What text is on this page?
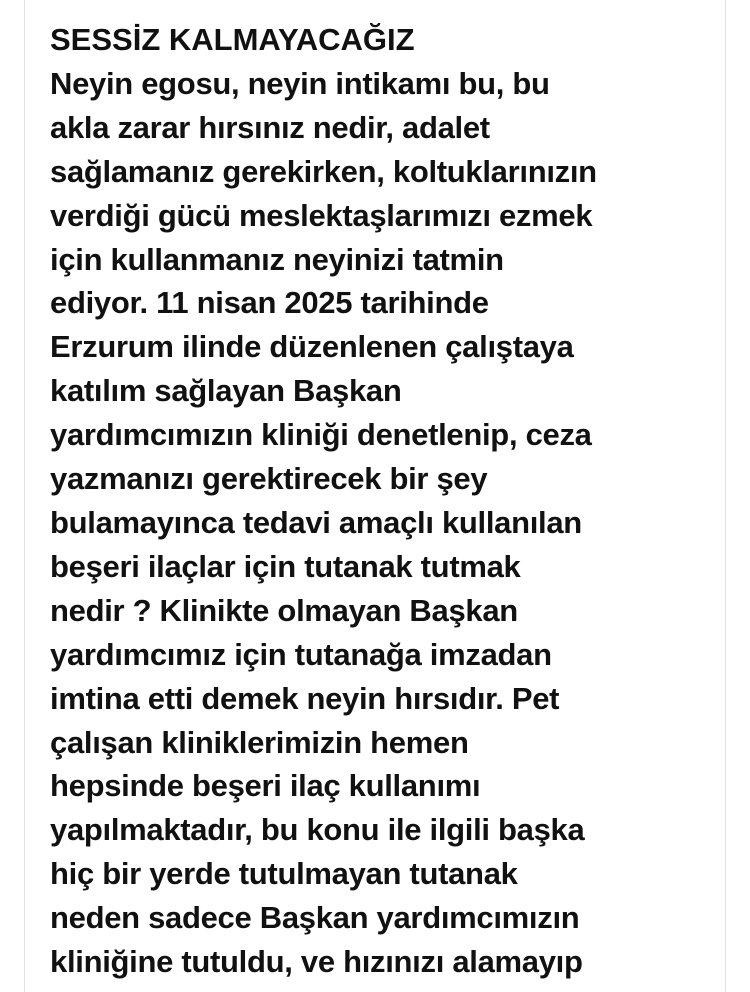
SESSİZ KALMAYACAĞIZ
Neyin egosu, neyin intikamı bu, bu
akla zarar hırsınız nedir, adalet
sağlamanız gerekirken, koltuklarınızın
verdiği gücü meslektaşlarımızı ezmek
için kullanmanız neyinizi tatmin
ediyor. 11 nisan 2025 tarihinde
Erzurum ilinde düzenlenen çalıştaya
katılım sağlayan Başkan
yardımcımızın kliniği denetlenip, ceza
yazmanızı gerektirecek bir şey
bulamayınca tedavi amaçlı kullanılan
beşeri ilaçlar için tutanak tutmak
nedir ? Klinikte olmayan Başkan
yardımcımız için tutanağa imzadan
imtina etti demek neyin hırsıdır. Pet
çalışan kliniklerimizin hemen
hepsinde beşeri ilaç kullanımı
yapılmaktadır, bu konu ile ilgili başka
hiç bir yerde tutulmayan tutanak
neden sadece Başkan yardımcımızın
kliniğine tutuldu, ve hızınızı alamayıp
